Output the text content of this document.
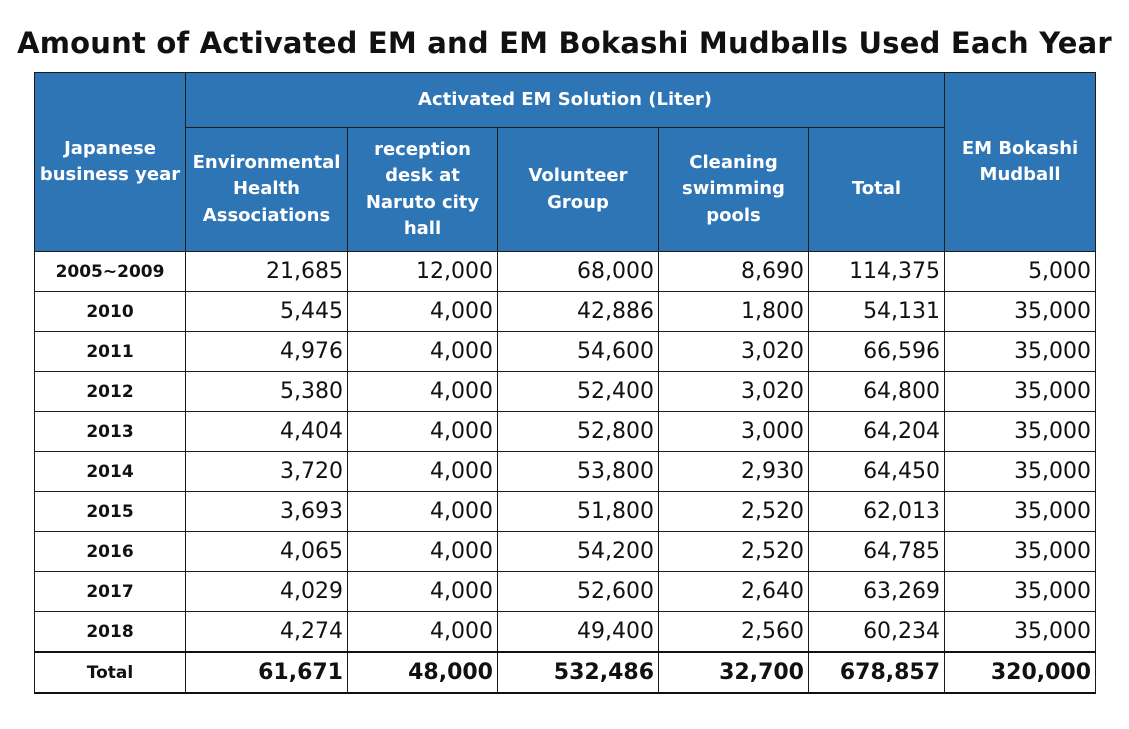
Amount of Activated EM and EM Bokashi Mudballs Used Each Year
Japanese business year	Activated EM Solution (Liter)					EM Bokashi Mudball
	Environmental Health Associations	reception desk at Naruto city hall	Volunteer Group	Cleaning swimming pools	Total	
2005~2009	21,685	12,000	68,000	8,690	114,375	5,000
2010	5,445	4,000	42,886	1,800	54,131	35,000
2011	4,976	4,000	54,600	3,020	66,596	35,000
2012	5,380	4,000	52,400	3,020	64,800	35,000
2013	4,404	4,000	52,800	3,000	64,204	35,000
2014	3,720	4,000	53,800	2,930	64,450	35,000
2015	3,693	4,000	51,800	2,520	62,013	35,000
2016	4,065	4,000	54,200	2,520	64,785	35,000
2017	4,029	4,000	52,600	2,640	63,269	35,000
2018	4,274	4,000	49,400	2,560	60,234	35,000
Total	61,671	48,000	532,486	32,700	678,857	320,000
